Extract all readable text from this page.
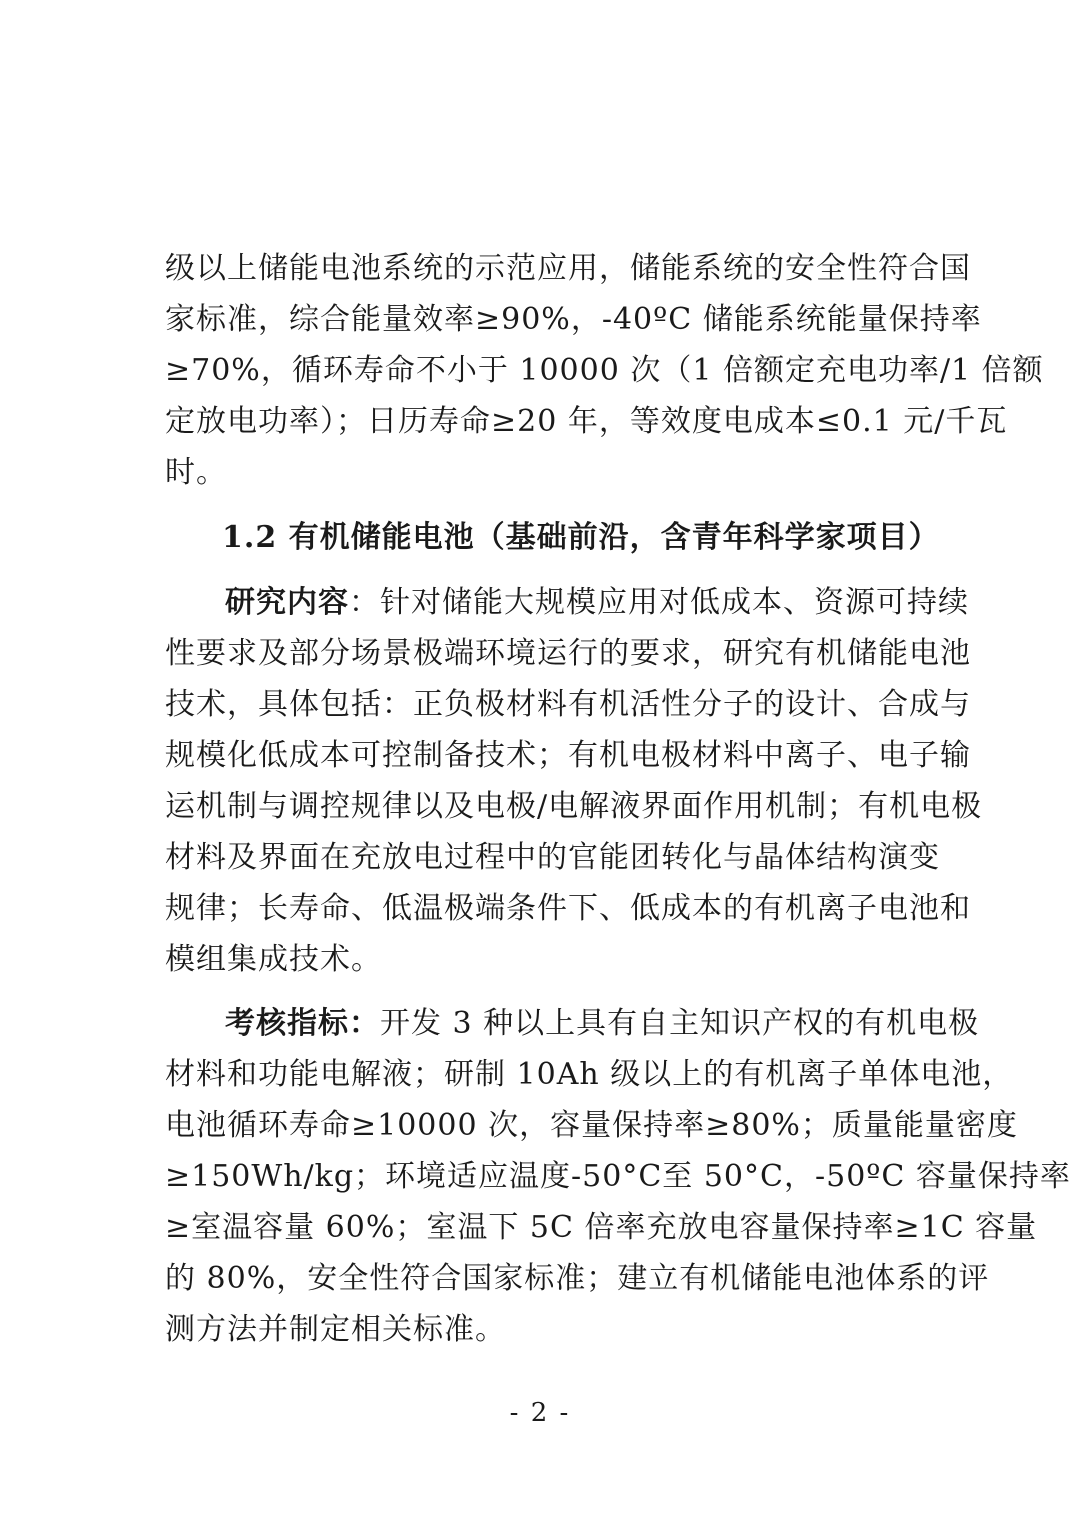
级以上储能电池系统的示范应用，储能系统的安全性符合国
家标准，综合能量效率≥90%，-40ºC 储能系统能量保持率
≥70%，循环寿命不小于 10000 次（1 倍额定充电功率/1 倍额
定放电功率）；日历寿命≥20 年，等效度电成本≤0.1 元/千瓦
时。
1.2 有机储能电池（基础前沿，含青年科学家项目）
研究内容：针对储能大规模应用对低成本、资源可持续
性要求及部分场景极端环境运行的要求，研究有机储能电池
技术，具体包括：正负极材料有机活性分子的设计、合成与
规模化低成本可控制备技术；有机电极材料中离子、电子输
运机制与调控规律以及电极/电解液界面作用机制；有机电极
材料及界面在充放电过程中的官能团转化与晶体结构演变
规律；长寿命、低温极端条件下、低成本的有机离子电池和
模组集成技术。
考核指标：开发 3 种以上具有自主知识产权的有机电极
材料和功能电解液；研制 10Ah 级以上的有机离子单体电池，
电池循环寿命≥10000 次，容量保持率≥80%；质量能量密度
≥150Wh/kg；环境适应温度-50°C至 50°C，-50ºC 容量保持率
≥室温容量 60%；室温下 5C 倍率充放电容量保持率≥1C 容量
的 80%，安全性符合国家标准；建立有机储能电池体系的评
测方法并制定相关标准。
- 2 -
